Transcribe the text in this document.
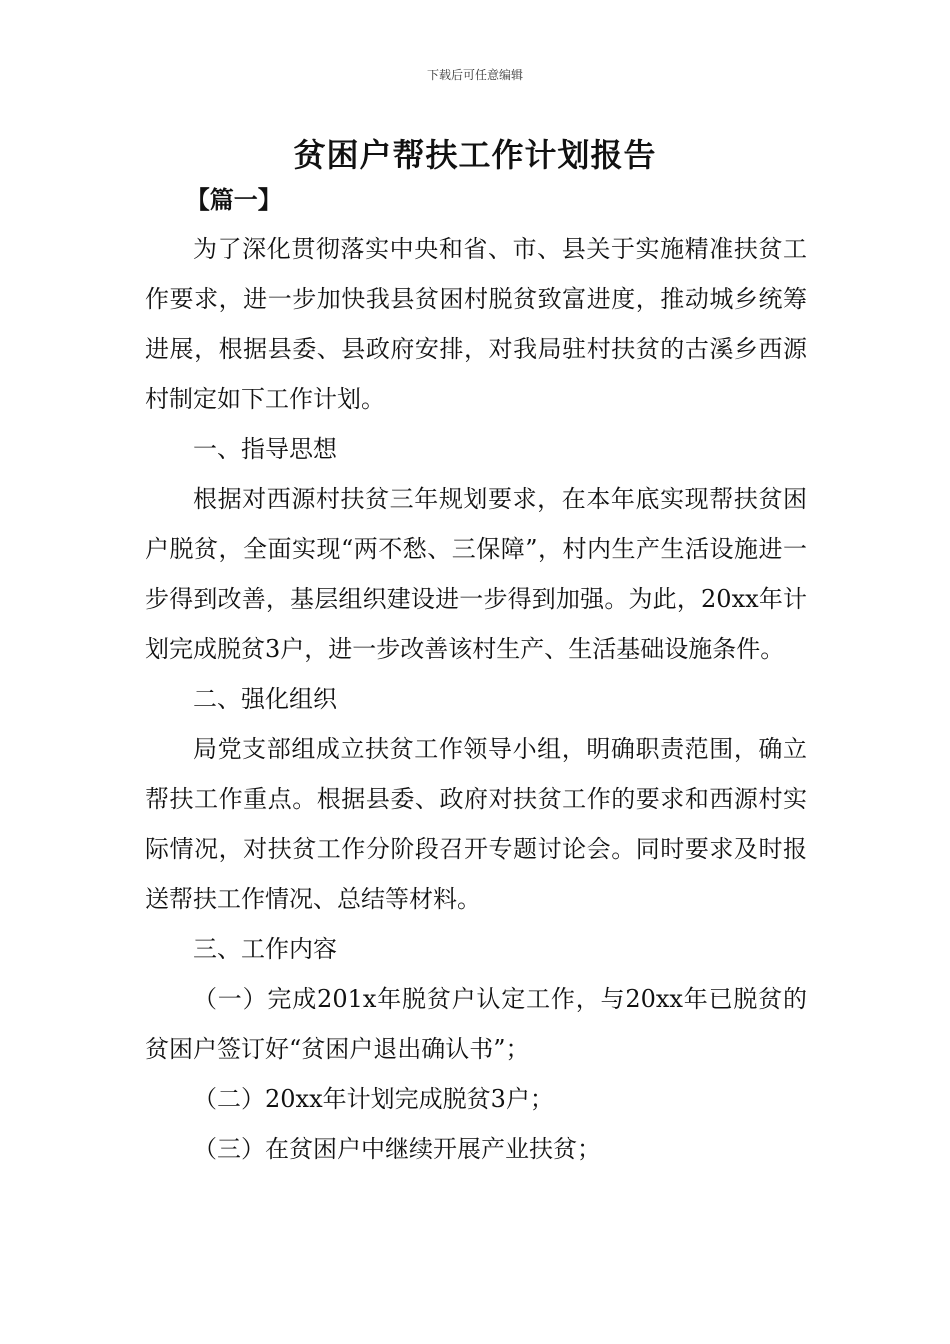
下载后可任意编辑
贫困户帮扶工作计划报告

【篇一】

为了深化贯彻落实中央和省、市、县关于实施精准扶贫工作要求，进一步加快我县贫困村脱贫致富进度，推动城乡统筹进展，根据县委、县政府安排，对我局驻村扶贫的古溪乡西源村制定如下工作计划。

一、指导思想

根据对西源村扶贫三年规划要求，在本年底实现帮扶贫困户脱贫，全面实现“两不愁、三保障”，村内生产生活设施进一步得到改善，基层组织建设进一步得到加强。为此，20xx年计划完成脱贫3户，进一步改善该村生产、生活基础设施条件。

二、强化组织

局党支部组成立扶贫工作领导小组，明确职责范围，确立帮扶工作重点。根据县委、政府对扶贫工作的要求和西源村实际情况，对扶贫工作分阶段召开专题讨论会。同时要求及时报送帮扶工作情况、总结等材料。

三、工作内容

（一）完成201x年脱贫户认定工作，与20xx年已脱贫的贫困户签订好“贫困户退出确认书”；

（二）20xx年计划完成脱贫3户；

（三）在贫困户中继续开展产业扶贫；
